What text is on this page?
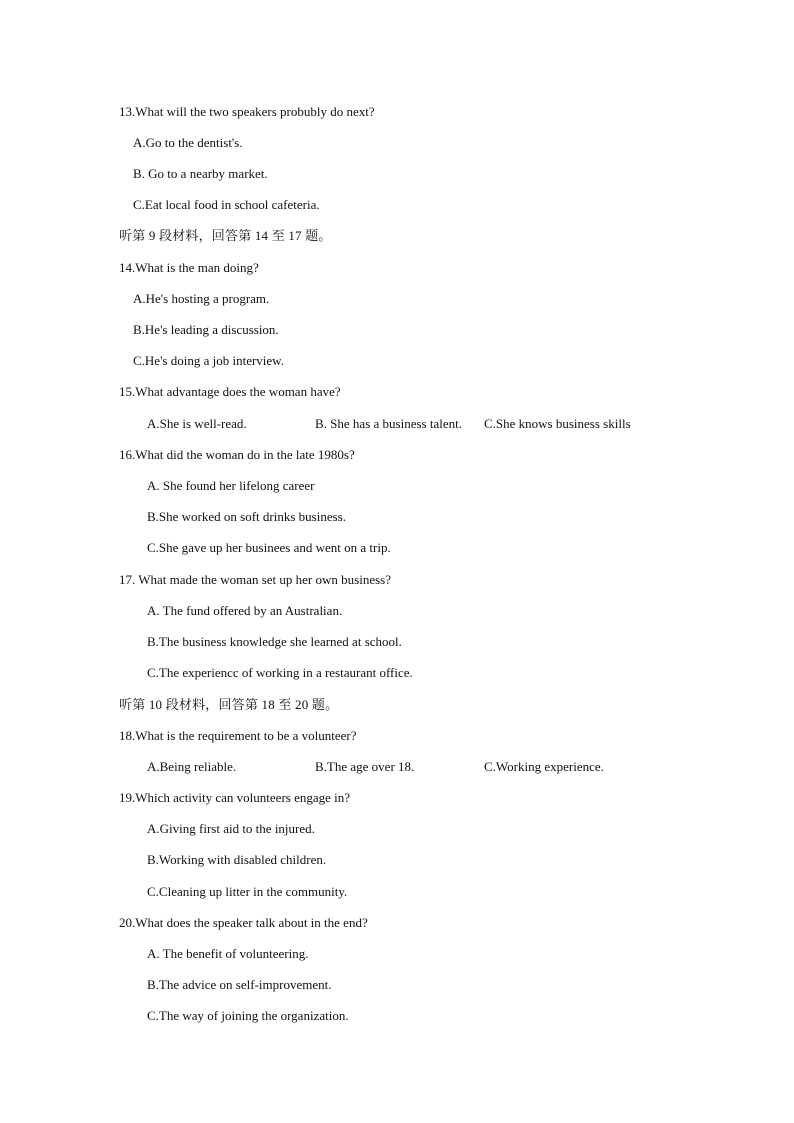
13.What will the two speakers probubly do next?
A.Go to the dentist's.
B. Go to a nearby market.
C.Eat local food in school cafeteria.
听第 9 段材料，回答第 14 至 17 题。
14.What is the man doing?
A.He's hosting a program.
B.He's leading a discussion.
C.He's doing a job interview.
15.What advantage does the woman have?
A.She is well-read.	B. She has a business talent. C.She knows business skills
16.What did the woman do in the late 1980s?
A. She found her lifelong career
B.She worked on soft drinks business.
C.She gave up her businees and went on a trip.
17. What made the woman set up her own business?
A. The fund offered by an Australian.
B.The business knowledge she learned at school.
C.The experiencc of working in a restaurant office.
听第 10 段材料，回答第 18 至 20 题。
18.What is the requirement to be a volunteer?
A.Being reliable.	B.The age over 18.	C.Working experience.
19.Which activity can volunteers engage in?
A.Giving first aid to the injured.
B.Working with disabled children.
C.Cleaning up litter in the community.
20.What does the speaker talk about in the end?
A. The benefit of volunteering.
B.The advice on self-improvement.
C.The way of joining the organization.
